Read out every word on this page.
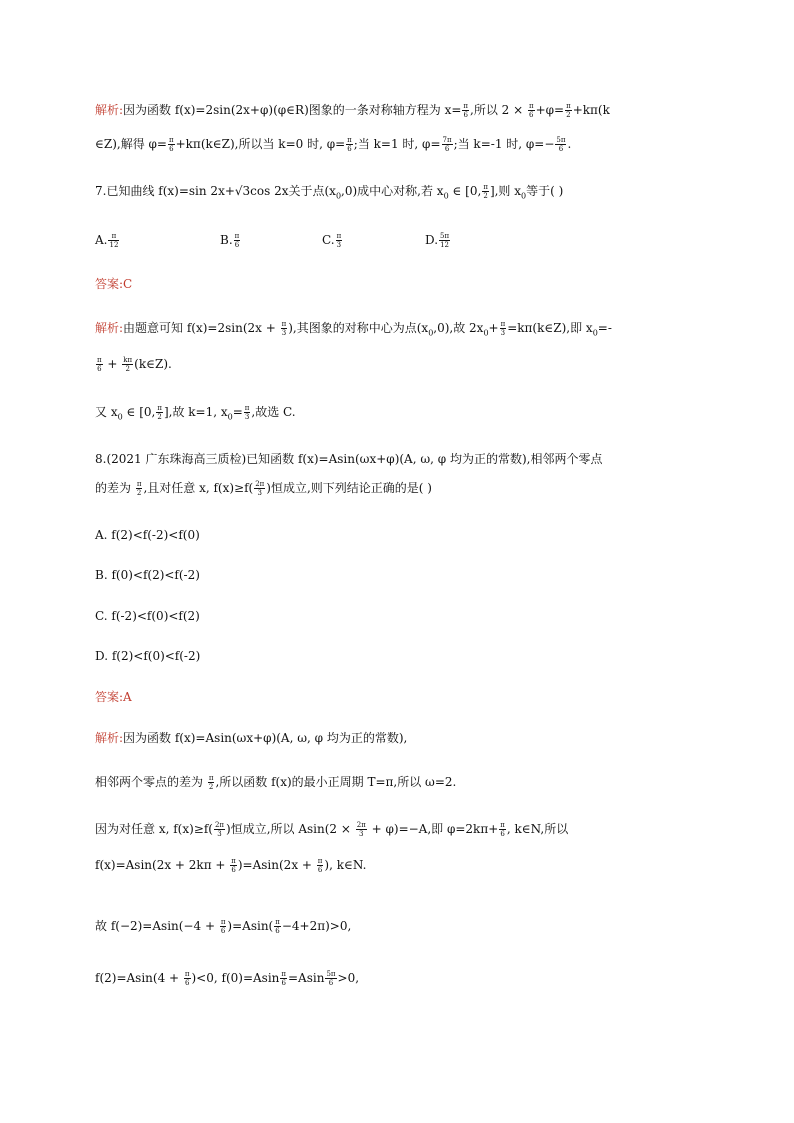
解析:因为函数 f(x)=2sin(2x+φ)(φ∈R)图象的一条对称轴方程为 $x= \frac{\pi}{6}$ ,所以 $2 \times \frac{\pi}{6} +\varphi= \frac{\pi}{2} +k\pi(k$
∈Z),解得 $\varphi= \frac{\pi}{6}$ +kπ(k∈Z),所以当 k=0 时, $\varphi= \frac{\pi}{6}$ ;当 k=1 时, $\varphi= \frac{7\pi}{6}$ ;当 k=-1 时, $\varphi=- \frac{5\pi}{6}$ .
7.已知曲线 f(x)=sin 2x+√3cos 2x关于点$(x_0,0)$成中心对称,若 $x_0$ ∈ [0, $\frac{\pi}{2}$ ],则 $x_0$等于( )
A. $\frac{\pi}{12}$	B. $\frac{\pi}{6}$	C. $\frac{\pi}{3}$	D. $\frac{5\pi}{12}$
答案:C
解析:由题意可知 $f(x)=2\sin(2x + \frac{\pi}{3}$ ),其图象的对称中心为点$(x_0,0)$,故 $2x_0+ \frac{\pi}{3}$ =kπ(k∈Z),即 $x_0=-$
$\frac{\pi}{6} + \frac{k\pi}{2}$ (k∈Z).
又 $x_0$ ∈ [0, $\frac{\pi}{2}$ ],故 k=1, $x_0= \frac{\pi}{3}$ ,故选 C.
8.(2021 广东珠海高三质检)已知函数 f(x)=Asin(ωx+φ)(A, ω, φ 均为正的常数),相邻两个零点
的差为 $\frac{\pi}{2}$ ,且对任意 x, $f(x)\ge f( \frac{2\pi}{3}$ )恒成立,则下列结论正确的是( )
A. f(2)<f(-2)<f(0)
B. f(0)<f(2)<f(-2)
C. f(-2)<f(0)<f(2)
D. f(2)<f(0)<f(-2)
答案:A
解析:因为函数 f(x)=Asin(ωx+φ)(A, ω, φ 均为正的常数),
相邻两个零点的差为 $\frac{\pi}{2}$ ,所以函数 f(x)的最小正周期 T=π,所以 ω=2.
因为对任意 x, $f(x)\ge f( \frac{2\pi}{3}$ )恒成立,所以 $Asin(2 \times \frac{2\pi}{3} + \varphi)=-A$,即 $\varphi=2k\pi+ \frac{\pi}{6}$ , k∈N,所以
$f(x)=Asin(2x + 2k\pi + \frac{\pi}{6} )=Asin(2x + \frac{\pi}{6}$ ), k∈N.
故 $f(-2)=Asin(-4 + \frac{\pi}{6} )=Asin( \frac{\pi}{6} -4+2\pi)>0$,
$f(2)=Asin(4 + \frac{\pi}{6} )<0$, $f(0)=Asin \frac{\pi}{6} =Asin \frac{5\pi}{6} >0$,
